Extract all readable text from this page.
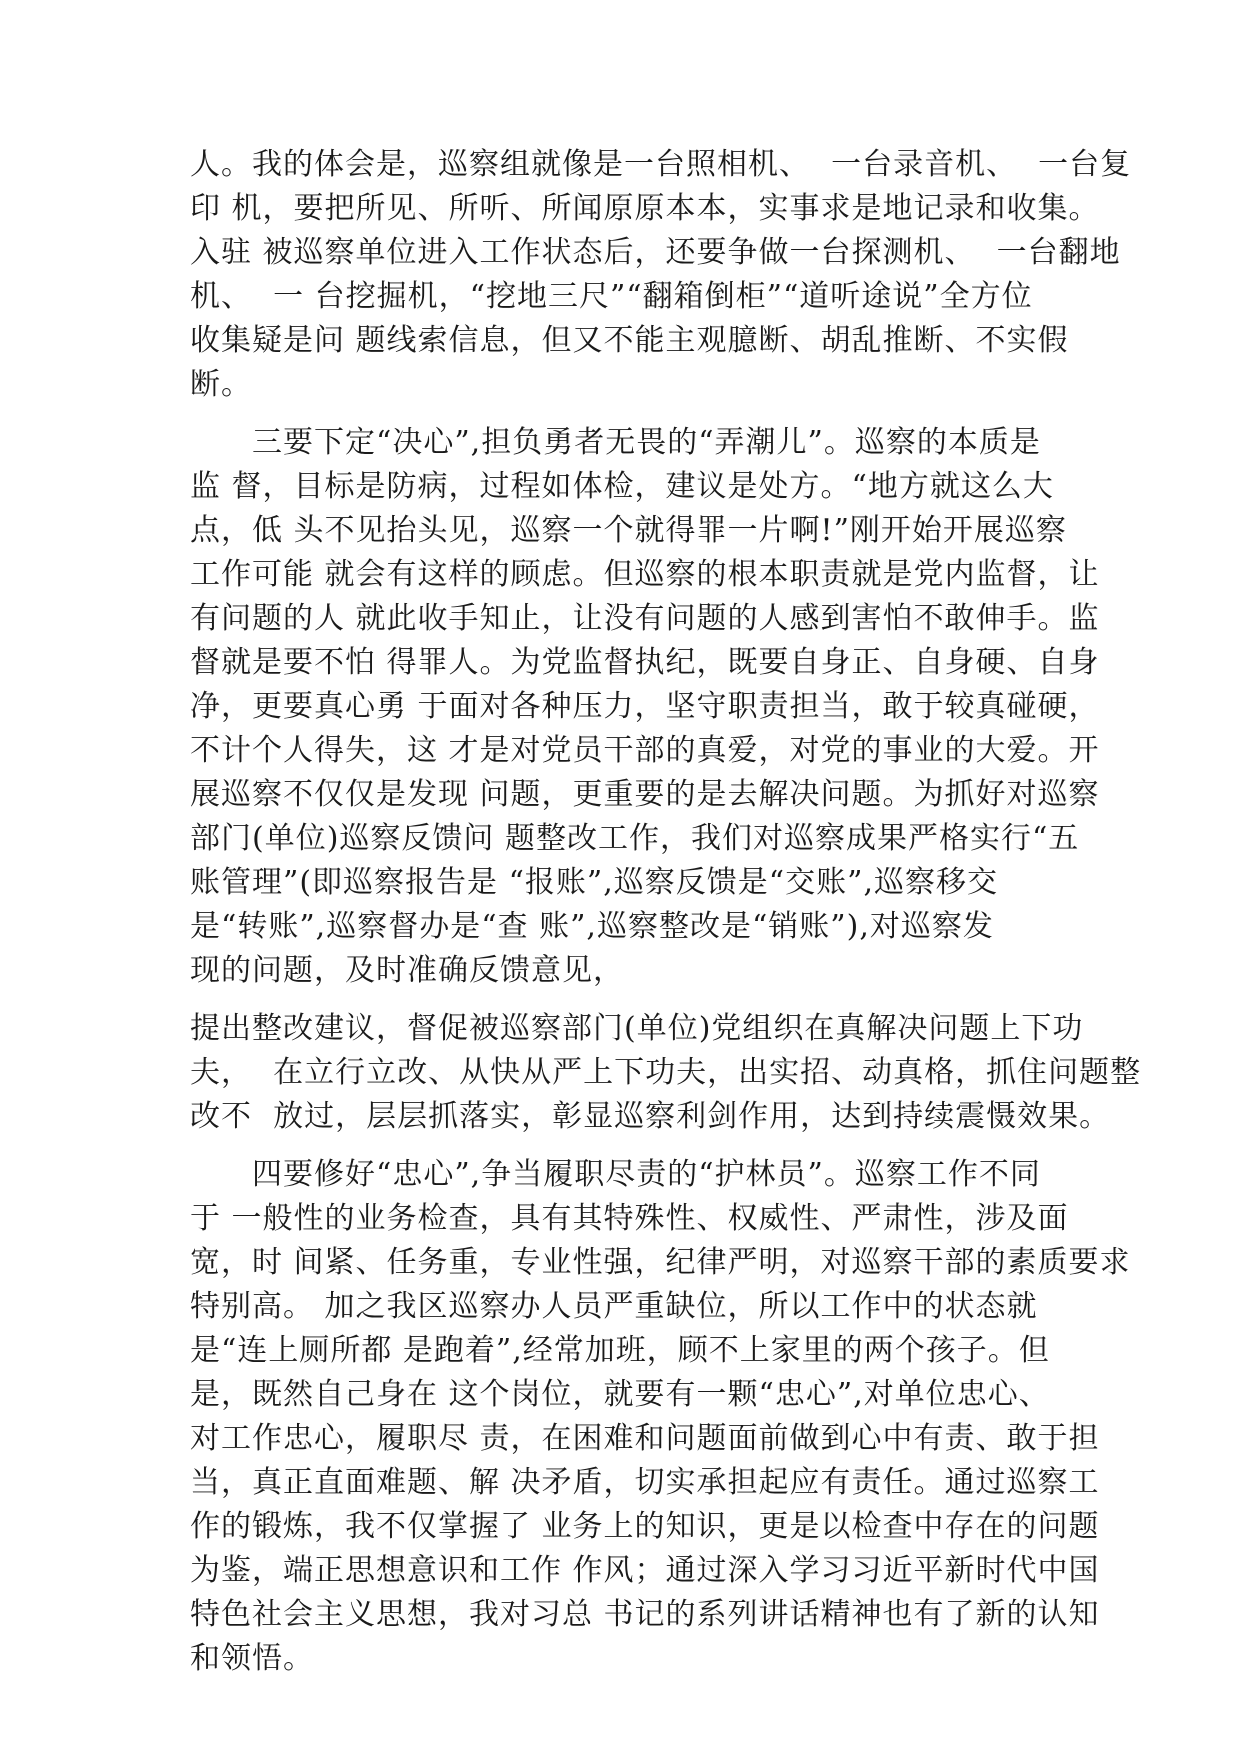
人。我的体会是，巡察组就像是一台照相机、  一台录音机、  一台复

印 机，要把所见、所听、所闻原原本本，实事求是地记录和收集。

入驻 被巡察单位进入工作状态后，还要争做一台探测机、  一台翻地

机、  一 台挖掘机，“挖地三尺”“翻箱倒柜”“道听途说”全方位

收集疑是问 题线索信息，但又不能主观臆断、胡乱推断、不实假

断。

三要下定“决心”,担负勇者无畏的“弄潮儿”。巡察的本质是

监 督，目标是防病，过程如体检，建议是处方。“地方就这么大

点，低 头不见抬头见，巡察一个就得罪一片啊!”刚开始开展巡察

工作可能 就会有这样的顾虑。但巡察的根本职责就是党内监督，让

有问题的人 就此收手知止，让没有问题的人感到害怕不敢伸手。监

督就是要不怕 得罪人。为党监督执纪，既要自身正、自身硬、自身

净，更要真心勇 于面对各种压力，坚守职责担当，敢于较真碰硬，

不计个人得失，这 才是对党员干部的真爱，对党的事业的大爱。开

展巡察不仅仅是发现 问题，更重要的是去解决问题。为抓好对巡察

部门(单位)巡察反馈问 题整改工作，我们对巡察成果严格实行“五

账管理”(即巡察报告是 “报账”,巡察反馈是“交账”,巡察移交

是“转账”,巡察督办是“查 账”,巡察整改是“销账”),对巡察发

现的问题，及时准确反馈意见，

提出整改建议，督促被巡察部门(单位)党组织在真解决问题上下功

夫，  在立行立改、从快从严上下功夫，出实招、动真格，抓住问题整

改不  放过，层层抓落实，彰显巡察利剑作用，达到持续震慑效果。

四要修好“忠心”,争当履职尽责的“护林员”。巡察工作不同

于 一般性的业务检查，具有其特殊性、权威性、严肃性，涉及面

宽，时 间紧、任务重，专业性强，纪律严明，对巡察干部的素质要求

特别高。 加之我区巡察办人员严重缺位，所以工作中的状态就

是“连上厕所都 是跑着”,经常加班，顾不上家里的两个孩子。但

是，既然自己身在 这个岗位，就要有一颗“忠心”,对单位忠心、

对工作忠心，履职尽 责，在困难和问题面前做到心中有责、敢于担

当，真正直面难题、解 决矛盾，切实承担起应有责任。通过巡察工

作的锻炼，我不仅掌握了 业务上的知识，更是以检查中存在的问题

为鉴，端正思想意识和工作 作风；通过深入学习习近平新时代中国

特色社会主义思想，我对习总 书记的系列讲话精神也有了新的认知

和领悟。
